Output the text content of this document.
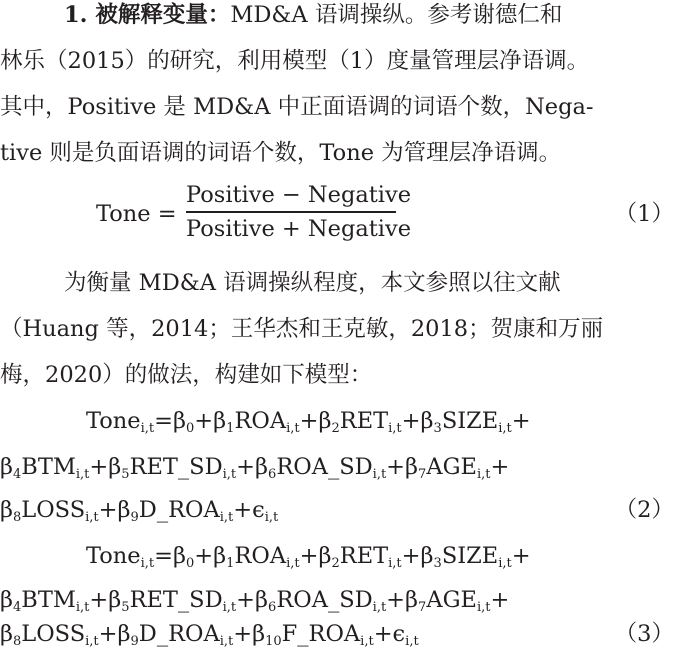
1. 被解释变量：MD&A 语调操纵。参考谢德仁和
林乐（2015）的研究，利用模型（1）度量管理层净语调。
其中，Positive 是 MD&A 中正面语调的词语个数，Nega-
tive 则是负面语调的词语个数，Tone 为管理层净语调。
Tone =
Positive − Negative
Positive + Negative
（1）
为衡量 MD&A 语调操纵程度，本文参照以往文献
（Huang 等，2014；王华杰和王克敏，2018；贺康和万丽
梅，2020）的做法，构建如下模型：
$Tone_{i,t}=\beta_0+\beta_1ROA_{i,t}+\beta_2RET_{i,t}+\beta_3SIZE_{i,t}+$
$\beta_4BTM_{i,t}+\beta_5RET\_SD_{i,t}+\beta_6ROA\_SD_{i,t}+\beta_7AGE_{i,t}+$
$\beta_8LOSS_{i,t}+\beta_9D\_ROA_{i,t}+\epsilon_{i,t}$	（2）
$Tone_{i,t}=\beta_0+\beta_1ROA_{i,t}+\beta_2RET_{i,t}+\beta_3SIZE_{i,t}+$
$\beta_4BTM_{i,t}+\beta_5RET\_SD_{i,t}+\beta_6ROA\_SD_{i,t}+\beta_7AGE_{i,t}+$
$\beta_8LOSS_{i,t}+\beta_9D\_ROA_{i,t}+\beta_{10}F\_ROA_{i,t}+\epsilon_{i,t}$	（3）
